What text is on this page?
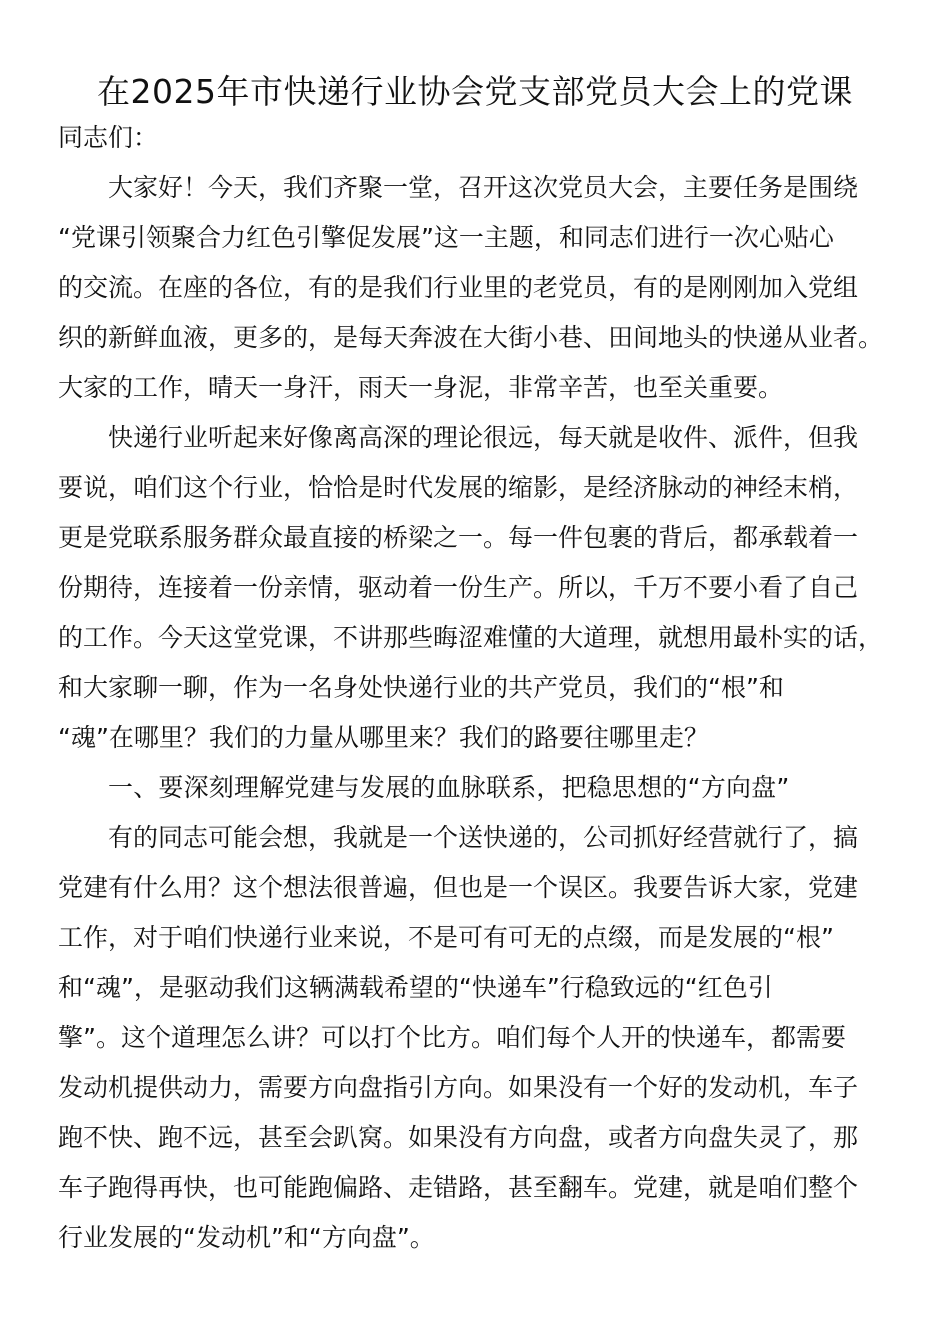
在2025年市快递行业协会党支部党员大会上的党课
同志们：
大家好！今天，我们齐聚一堂，召开这次党员大会，主要任务是围绕
“党课引领聚合力红色引擎促发展”这一主题，和同志们进行一次心贴心
的交流。在座的各位，有的是我们行业里的老党员，有的是刚刚加入党组
织的新鲜血液，更多的，是每天奔波在大街小巷、田间地头的快递从业者。
大家的工作，晴天一身汗，雨天一身泥，非常辛苦，也至关重要。
快递行业听起来好像离高深的理论很远，每天就是收件、派件，但我
要说，咱们这个行业，恰恰是时代发展的缩影，是经济脉动的神经末梢，
更是党联系服务群众最直接的桥梁之一。每一件包裹的背后，都承载着一
份期待，连接着一份亲情，驱动着一份生产。所以，千万不要小看了自己
的工作。今天这堂党课，不讲那些晦涩难懂的大道理，就想用最朴实的话，
和大家聊一聊，作为一名身处快递行业的共产党员，我们的“根”和
“魂”在哪里？我们的力量从哪里来？我们的路要往哪里走？
一、要深刻理解党建与发展的血脉联系，把稳思想的“方向盘”
有的同志可能会想，我就是一个送快递的，公司抓好经营就行了，搞
党建有什么用？这个想法很普遍，但也是一个误区。我要告诉大家，党建
工作，对于咱们快递行业来说，不是可有可无的点缀，而是发展的“根”
和“魂”，是驱动我们这辆满载希望的“快递车”行稳致远的“红色引
擎”。这个道理怎么讲？可以打个比方。咱们每个人开的快递车，都需要
发动机提供动力，需要方向盘指引方向。如果没有一个好的发动机，车子
跑不快、跑不远，甚至会趴窝。如果没有方向盘，或者方向盘失灵了，那
车子跑得再快，也可能跑偏路、走错路，甚至翻车。党建，就是咱们整个
行业发展的“发动机”和“方向盘”。
